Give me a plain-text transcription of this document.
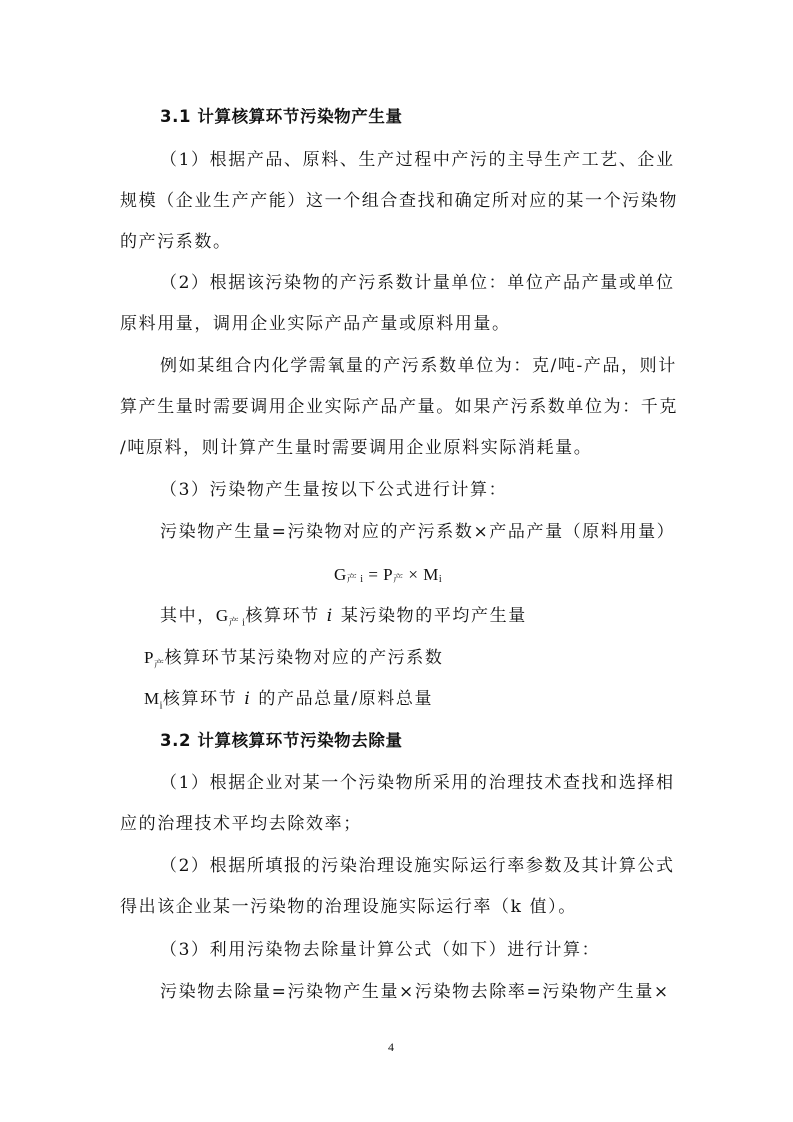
3.1 计算核算环节污染物产生量
（1）根据产品、原料、生产过程中产污的主导生产工艺、企业
规模（企业生产产能）这一个组合查找和确定所对应的某一个污染物
的产污系数。
（2）根据该污染物的产污系数计量单位：单位产品产量或单位
原料用量，调用企业实际产品产量或原料用量。
例如某组合内化学需氧量的产污系数单位为：克/吨-产品，则计
算产生量时需要调用企业实际产品产量。如果产污系数单位为：千克
/吨原料，则计算产生量时需要调用企业原料实际消耗量。
（3）污染物产生量按以下公式进行计算：
污染物产生量=污染物对应的产污系数×产品产量（原料用量）
$G_{产 i} = P_产 \times M_i$
其中，$G_{产 i}$核算环节 i 某污染物的平均产生量
$P_产$核算环节某污染物对应的产污系数
$M_i$核算环节 i 的产品总量/原料总量
3.2 计算核算环节污染物去除量
（1）根据企业对某一个污染物所采用的治理技术查找和选择相
应的治理技术平均去除效率；
（2）根据所填报的污染治理设施实际运行率参数及其计算公式
得出该企业某一污染物的治理设施实际运行率（k 值）。
（3）利用污染物去除量计算公式（如下）进行计算：
污染物去除量=污染物产生量×污染物去除率=污染物产生量×
4
